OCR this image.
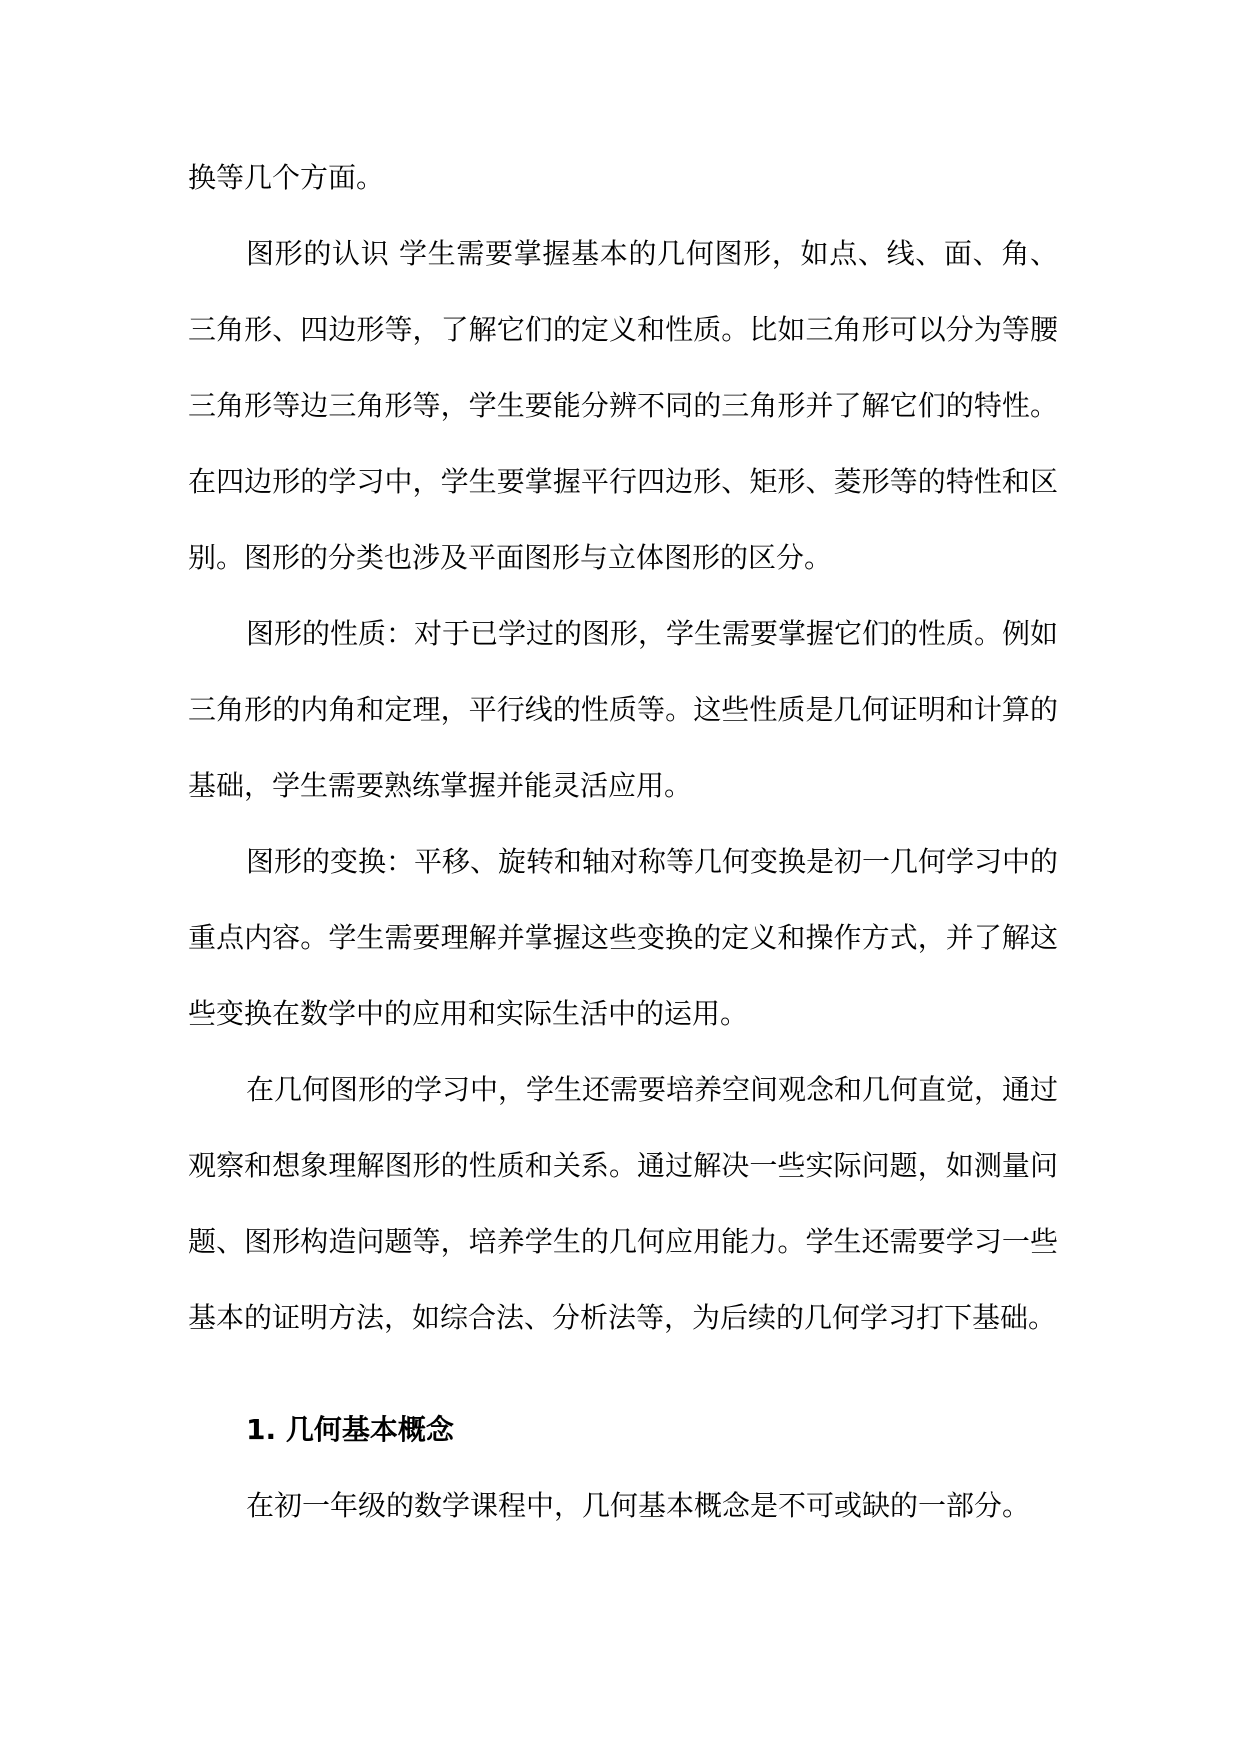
换等几个方面。

图形的认识 学生需要掌握基本的几何图形，如点、线、面、角、三角形、四边形等，了解它们的定义和性质。比如三角形可以分为等腰三角形等边三角形等，学生要能分辨不同的三角形并了解它们的特性。在四边形的学习中，学生要掌握平行四边形、矩形、菱形等的特性和区别。图形的分类也涉及平面图形与立体图形的区分。

图形的性质：对于已学过的图形，学生需要掌握它们的性质。例如三角形的内角和定理，平行线的性质等。这些性质是几何证明和计算的基础，学生需要熟练掌握并能灵活应用。

图形的变换：平移、旋转和轴对称等几何变换是初一几何学习中的重点内容。学生需要理解并掌握这些变换的定义和操作方式，并了解这些变换在数学中的应用和实际生活中的运用。

在几何图形的学习中，学生还需要培养空间观念和几何直觉，通过观察和想象理解图形的性质和关系。通过解决一些实际问题，如测量问题、图形构造问题等，培养学生的几何应用能力。学生还需要学习一些基本的证明方法，如综合法、分析法等，为后续的几何学习打下基础。

1. 几何基本概念

在初一年级的数学课程中，几何基本概念是不可或缺的一部分。
